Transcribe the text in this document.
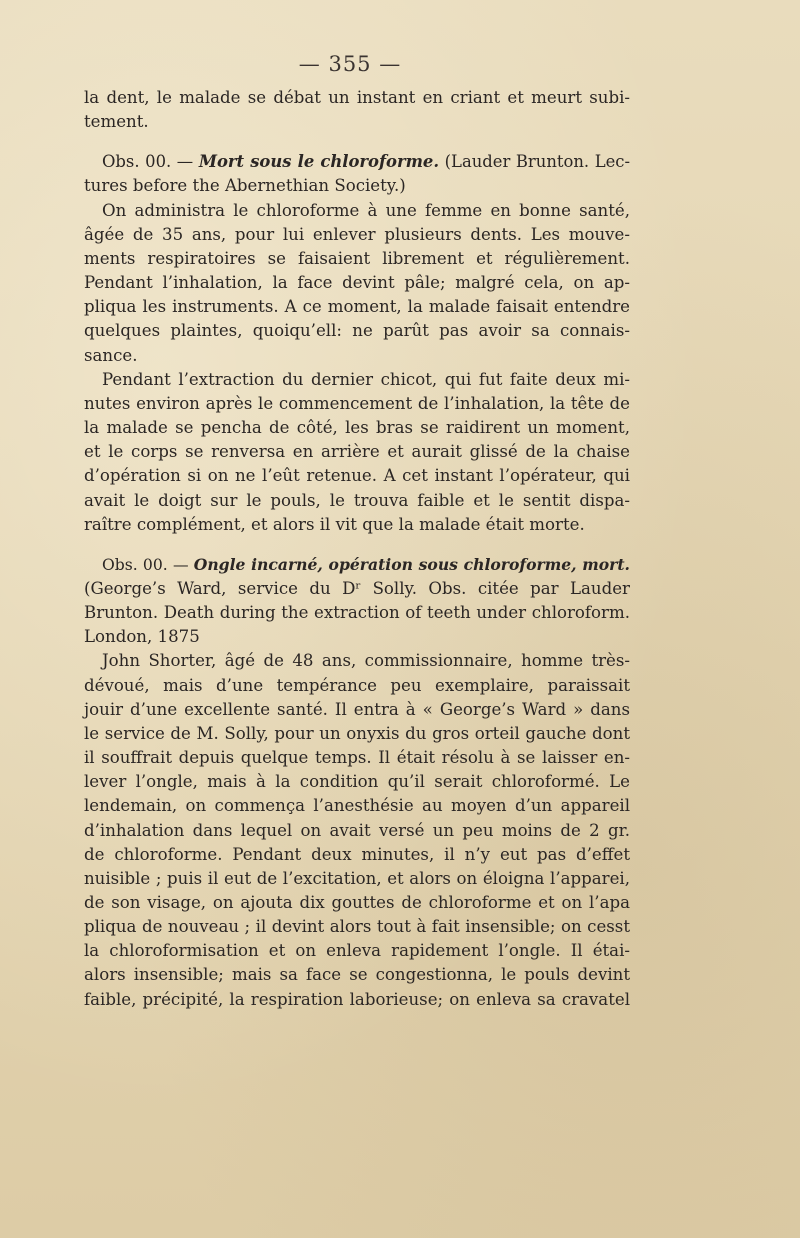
— 355 —

la dent, le malade se débat un instant en criant et meurt subi-
tement.

Obs. 00. — Mort sous le chloroforme. (Lauder Brunton. Lec-
tures before the Abernethian Society.)

On administra le chloroforme à une femme en bonne santé,
âgée de 35 ans, pour lui enlever plusieurs dents. Les mouve-
ments respiratoires se faisaient librement et régulièrement.
Pendant l’inhalation, la face devint pâle; malgré cela, on ap-
pliqua les instruments. A ce moment, la malade faisait entendre
quelques plaintes, quoiqu’ell: ne parût pas avoir sa connais-
sance.

Pendant l’extraction du dernier chicot, qui fut faite deux mi-
nutes environ après le commencement de l’inhalation, la tête de
la malade se pencha de côté, les bras se raidirent un moment,
et le corps se renversa en arrière et aurait glissé de la chaise
d’opération si on ne l’eût retenue. A cet instant l’opérateur, qui
avait le doigt sur le pouls, le trouva faible et le sentit dispa-
raître complément, et alors il vit que la malade était morte.

Obs. 00. — Ongle incarné, opération sous chloroforme, mort.
(George’s Ward, service du Dʳ Solly. Obs. citée par Lauder
Brunton. Death during the extraction of teeth under chloroform.
London, 1875

John Shorter, âgé de 48 ans, commissionnaire, homme très-
dévoué, mais d’une tempérance peu exemplaire, paraissait
jouir d’une excellente santé. Il entra à « George’s Ward » dans
le service de M. Solly, pour un onyxis du gros orteil gauche dont
il souffrait depuis quelque temps. Il était résolu à se laisser en-
lever l’ongle, mais à la condition qu’il serait chloroformé. Le
lendemain, on commença l’anesthésie au moyen d’un appareil
d’inhalation dans lequel on avait versé un peu moins de 2 gr.
de chloroforme. Pendant deux minutes, il n’y eut pas d’effet
nuisible ; puis il eut de l’excitation, et alors on éloigna l’apparei,
de son visage, on ajouta dix gouttes de chloroforme et on l’apa
pliqua de nouveau ; il devint alors tout à fait insensible; on cesst
la chloroformisation et on enleva rapidement l’ongle. Il étai-
alors insensible; mais sa face se congestionna, le pouls devint
faible, précipité, la respiration laborieuse; on enleva sa cravatel
